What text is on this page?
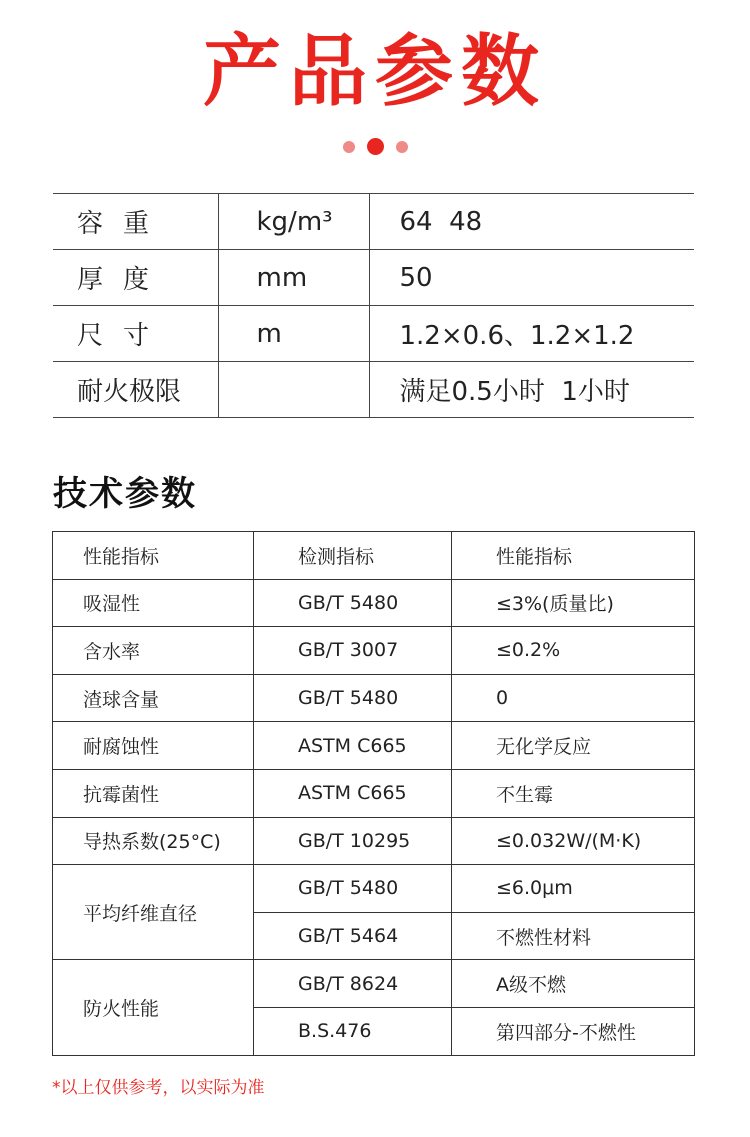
产品参数
容重	kg/m³	64  48
厚度	mm	50
尺寸	m	1.2×0.6、1.2×1.2
耐火极限		满足0.5小时  1小时
技术参数
性能指标	检测指标	性能指标
吸湿性	GB/T 5480	≤3%(质量比)
含水率	GB/T 3007	≤0.2%
渣球含量	GB/T 5480	0
耐腐蚀性	ASTM C665	无化学反应
抗霉菌性	ASTM C665	不生霉
导热系数(25°C)	GB/T 10295	≤0.032W/(M·K)
平均纤维直径	GB/T 5480	≤6.0μm
	GB/T 5464	不燃性材料
防火性能	GB/T 8624	A级不燃
	B.S.476	第四部分-不燃性
*以上仅供参考，以实际为准
